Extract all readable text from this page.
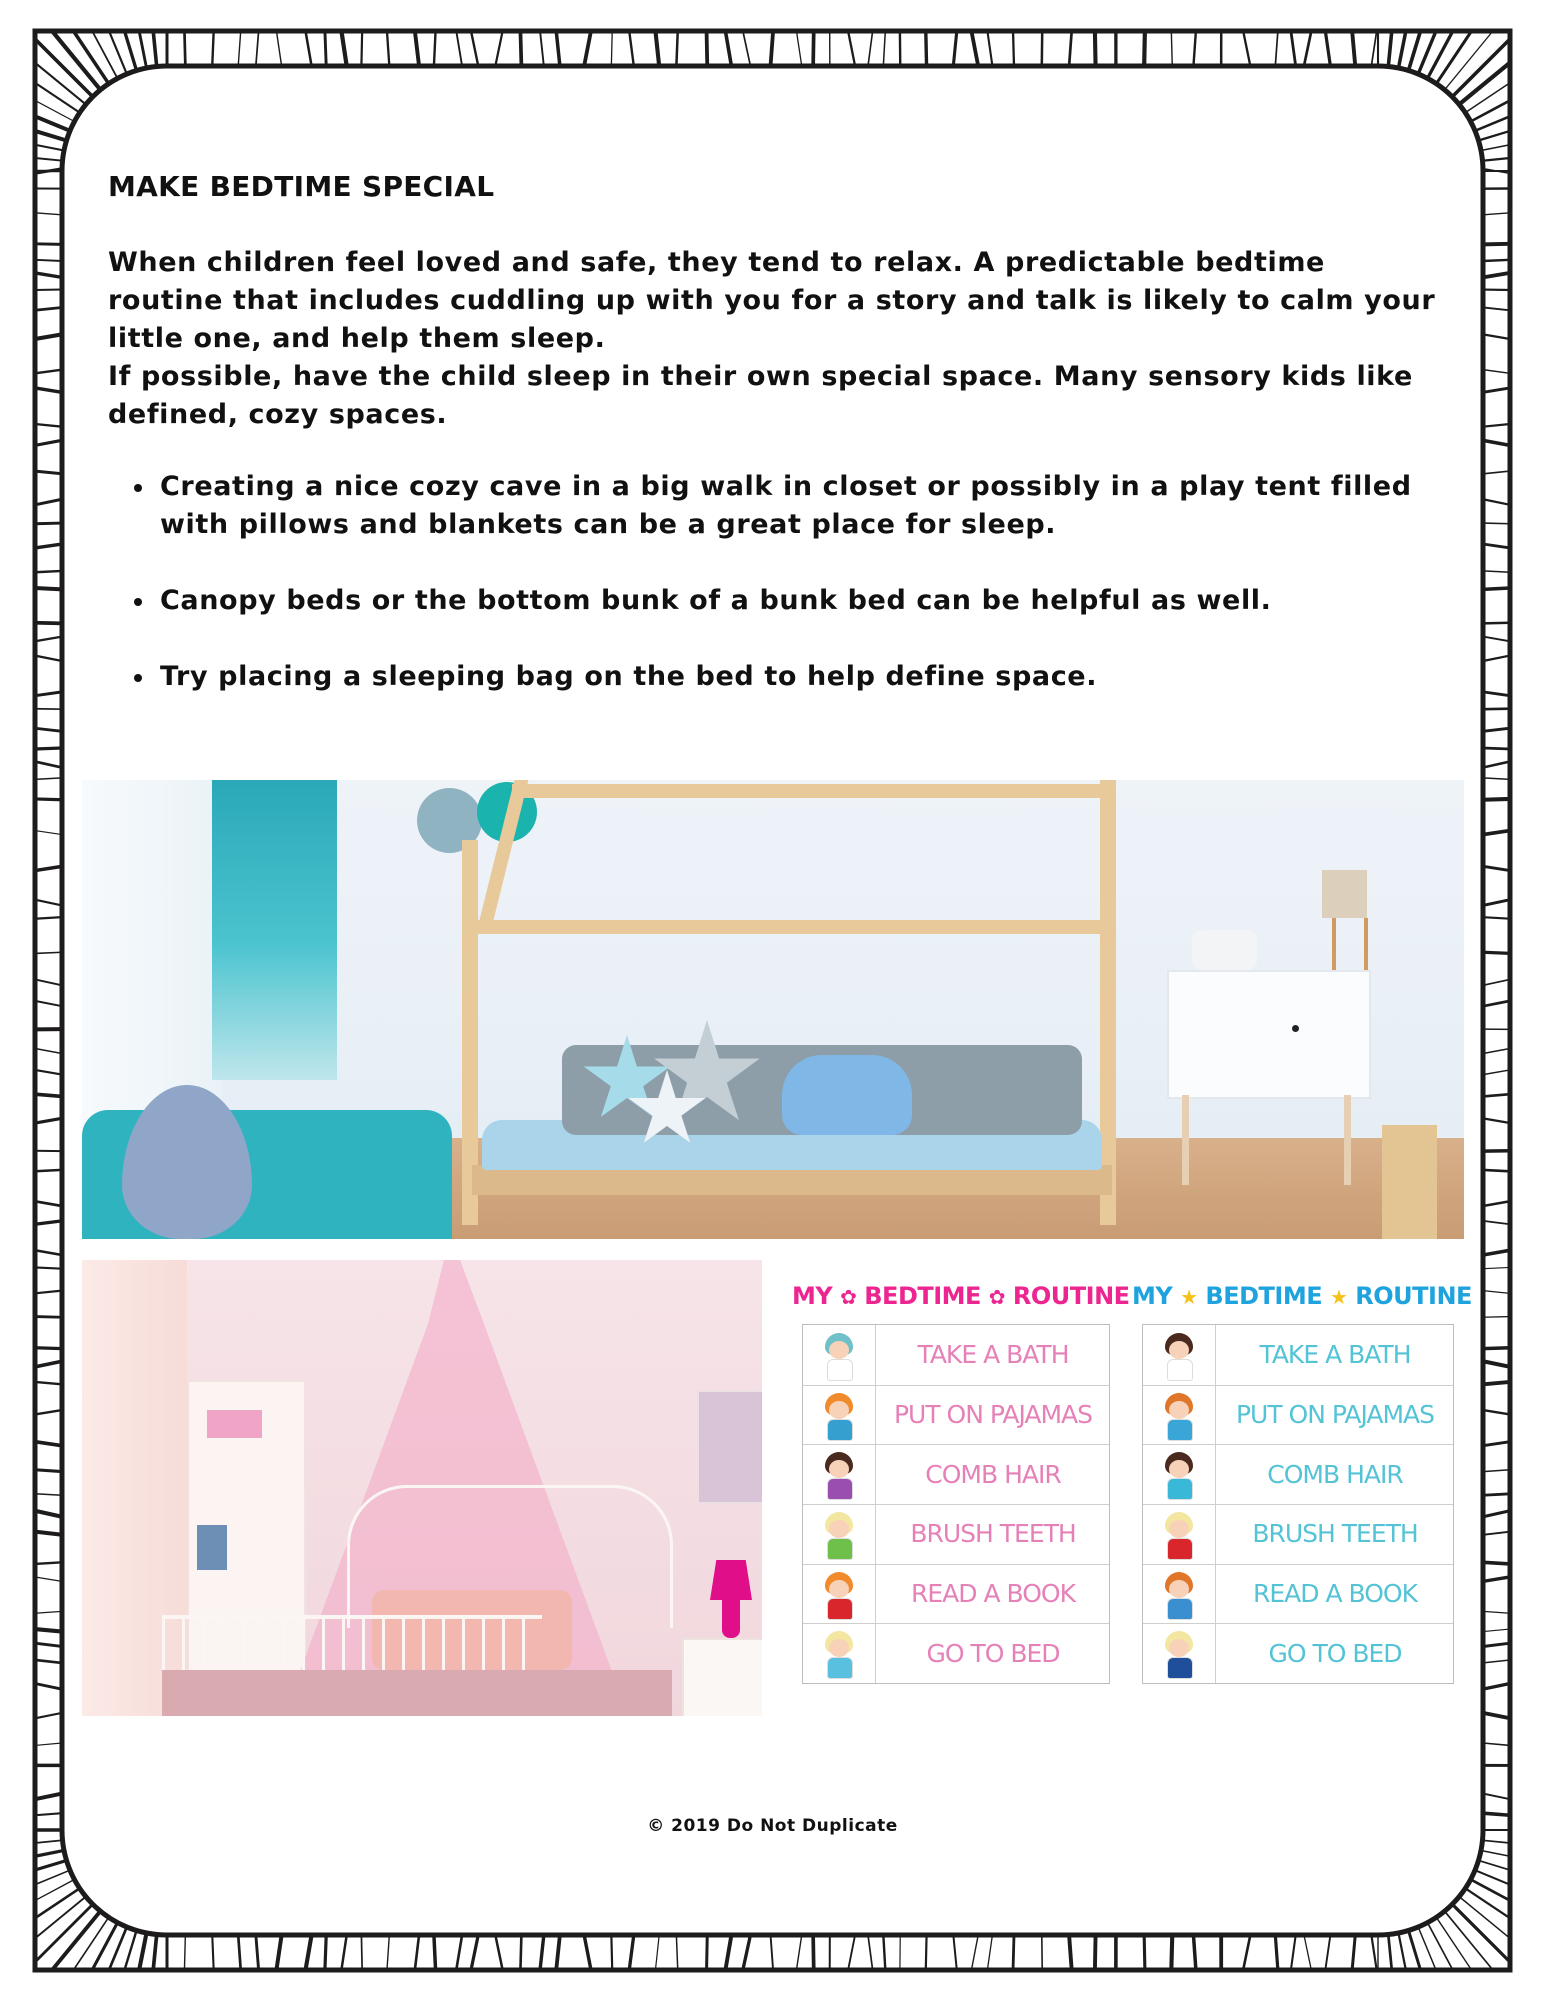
MAKE BEDTIME SPECIAL

When children feel loved and safe, they tend to relax. A predictable bedtime routine that includes cuddling up with you for a story and talk is likely to calm your little one, and help them sleep.

If possible, have the child sleep in their own special space. Many sensory kids like defined, cozy spaces.

Creating a nice cozy cave in a big walk in closet or possibly in a play tent filled with pillows and blankets can be a great place for sleep.
Canopy beds or the bottom bunk of a bunk bed can be helpful as well.
Try placing a sleeping bag on the bed to help define space.
MY ✿ BEDTIME ✿ ROUTINE
TAKE A BATH
PUT ON PAJAMAS
COMB HAIR
BRUSH TEETH
READ A BOOK
GO TO BED
MY ★ BEDTIME ★ ROUTINE
TAKE A BATH
PUT ON PAJAMAS
COMB HAIR
BRUSH TEETH
READ A BOOK
GO TO BED
© 2019 Do Not Duplicate
